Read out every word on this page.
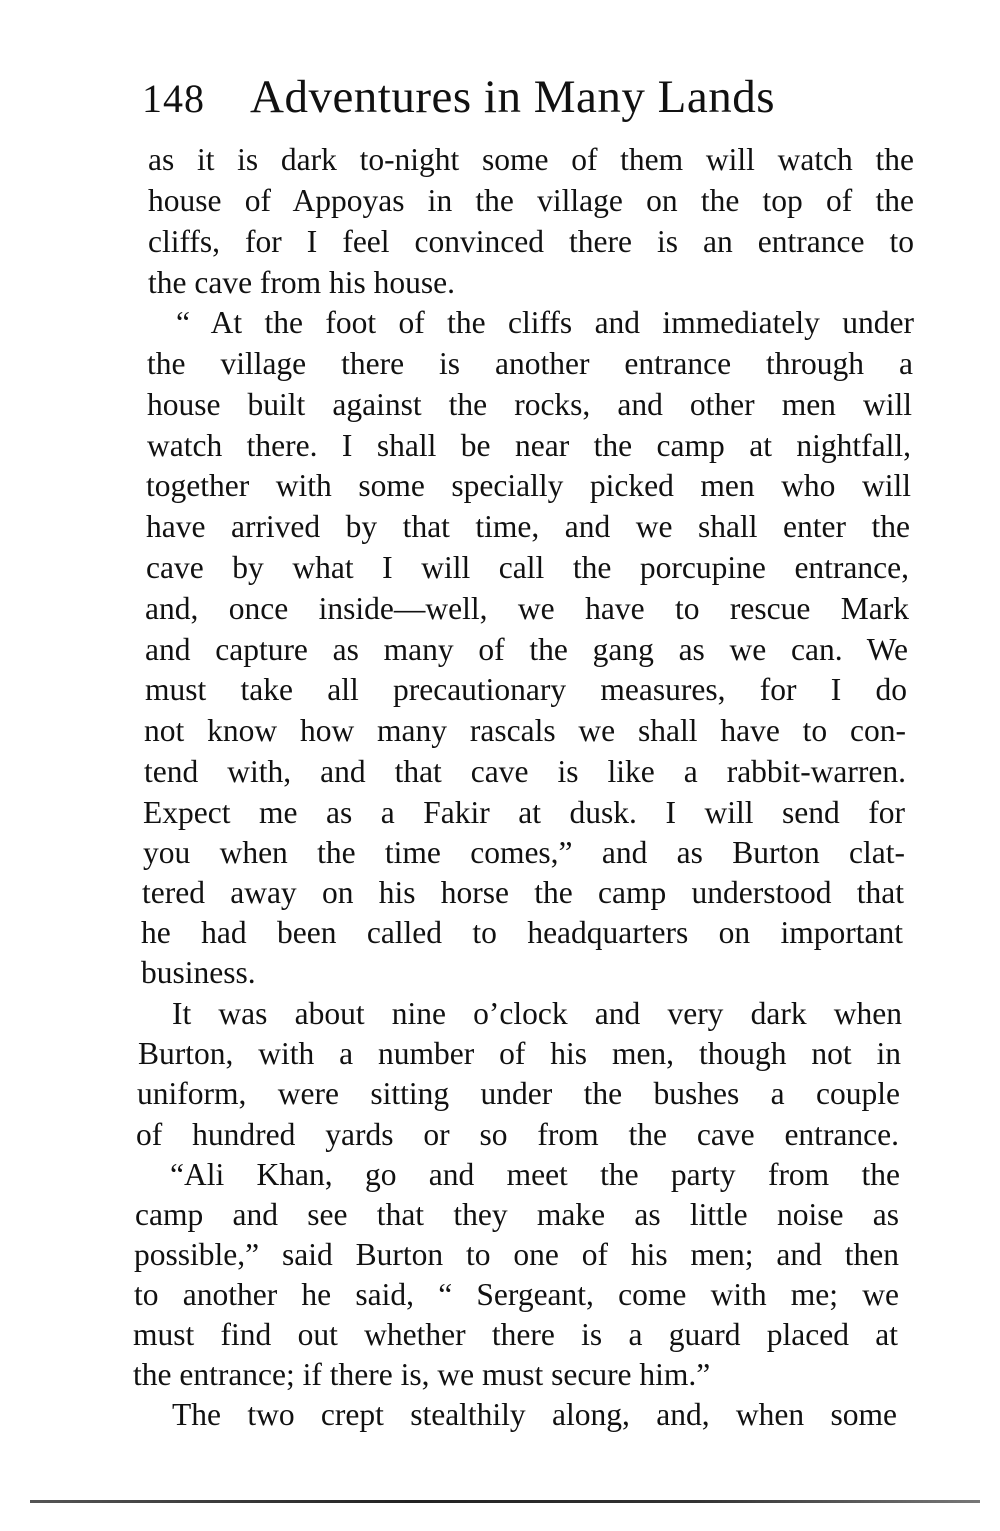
148 Adventures in Many Lands
as it is dark to-night some of them will watch the
house of Appoyas in the village on the top of the
cliffs, for I feel convinced there is an entrance to
the cave from his house.
“ At the foot of the cliffs and immediately under
the village there is another entrance through a
house built against the rocks, and other men will
watch there. I shall be near the camp at nightfall,
together with some specially picked men who will
have arrived by that time, and we shall enter the
cave by what I will call the porcupine entrance,
and, once inside—well, we have to rescue Mark
and capture as many of the gang as we can. We
must take all precautionary measures, for I do
not know how many rascals we shall have to con-
tend with, and that cave is like a rabbit-warren.
Expect me as a Fakir at dusk. I will send for
you when the time comes,” and as Burton clat-
tered away on his horse the camp understood that
he had been called to headquarters on important
business.
It was about nine o’clock and very dark when
Burton, with a number of his men, though not in
uniform, were sitting under the bushes a couple
of hundred yards or so from the cave entrance.
“Ali Khan, go and meet the party from the
camp and see that they make as little noise as
possible,” said Burton to one of his men; and then
to another he said, “ Sergeant, come with me; we
must find out whether there is a guard placed at
the entrance; if there is, we must secure him.”
The two crept stealthily along, and, when some
